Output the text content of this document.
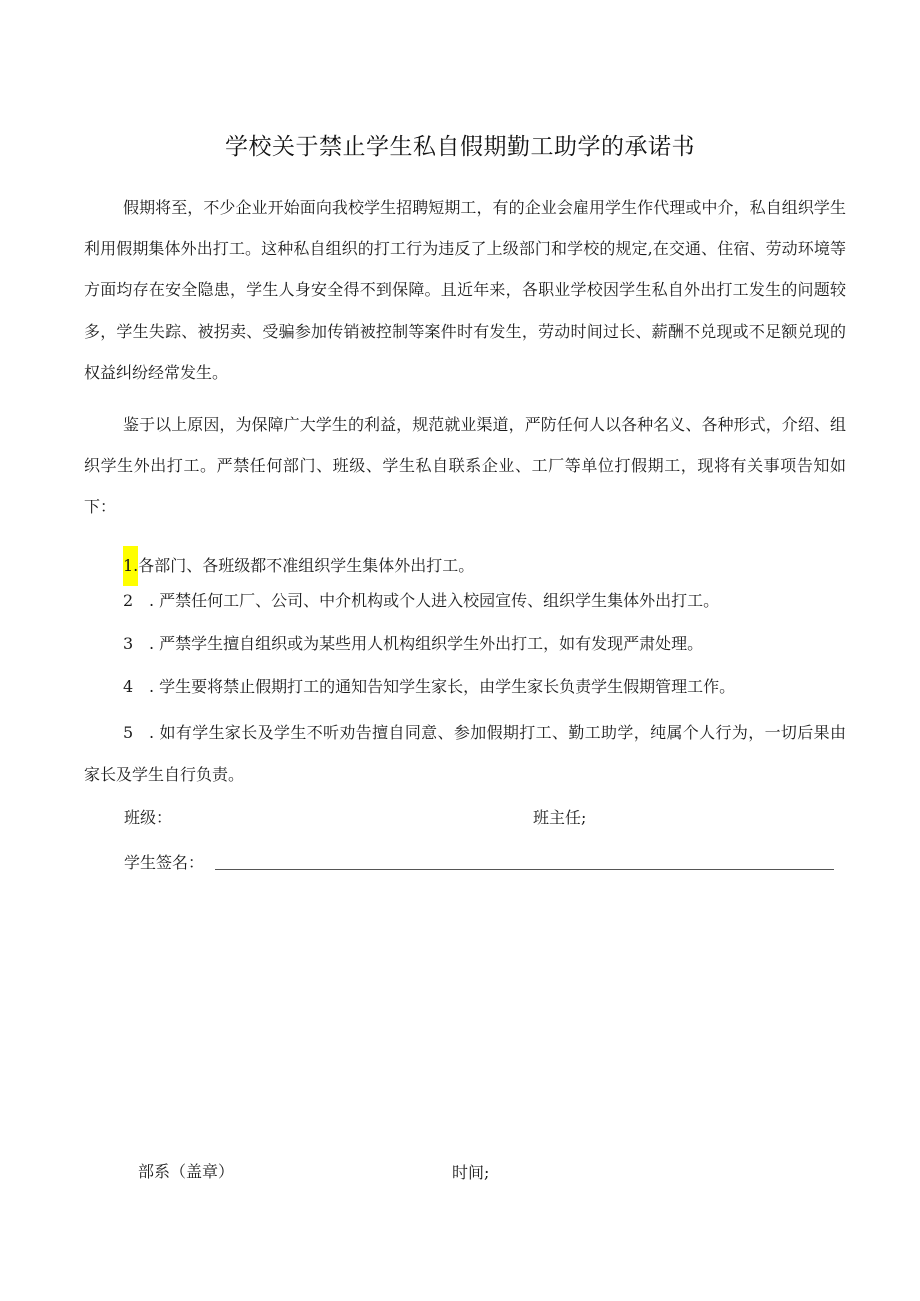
学校关于禁止学生私自假期勤工助学的承诺书
假期将至，不少企业开始面向我校学生招聘短期工，有的企业会雇用学生作代理或中介，私自组织学生利用假期集体外出打工。这种私自组织的打工行为违反了上级部门和学校的规定,在交通、住宿、劳动环境等方面均存在安全隐患，学生人身安全得不到保障。且近年来，各职业学校因学生私自外出打工发生的问题较多，学生失踪、被拐卖、受骗参加传销被控制等案件时有发生，劳动时间过长、薪酬不兑现或不足额兑现的权益纠纷经常发生。
鉴于以上原因，为保障广大学生的利益，规范就业渠道，严防任何人以各种名义、各种形式，介绍、组织学生外出打工。严禁任何部门、班级、学生私自联系企业、工厂等单位打假期工，现将有关事项告知如下：
1.各部门、各班级都不准组织学生集体外出打工。
2 . 严禁任何工厂、公司、中介机构或个人进入校园宣传、组织学生集体外出打工。
3 . 严禁学生擅自组织或为某些用人机构组织学生外出打工，如有发现严肃处理。
4 . 学生要将禁止假期打工的通知告知学生家长，由学生家长负责学生假期管理工作。
5 . 如有学生家长及学生不听劝告擅自同意、参加假期打工、勤工助学，纯属个人行为，一切后果由家长及学生自行负责。
班级：	班主任;
学生签名：
部系（盖章）	时间;
